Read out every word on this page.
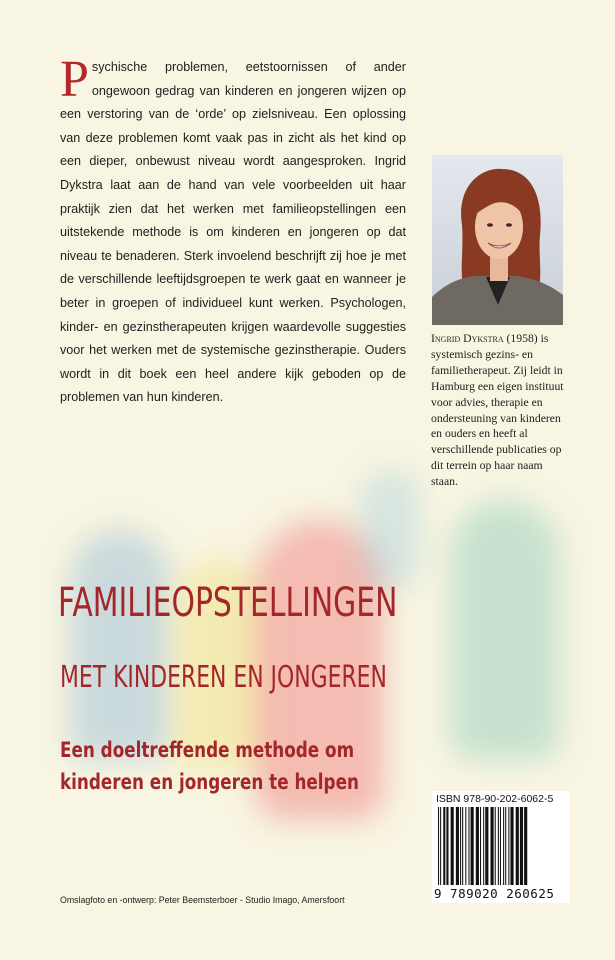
Psychische problemen, eetstoornissen of ander ongewoon gedrag van kinderen en jongeren wijzen op een verstoring van de ‘orde’ op zielsniveau. Een oplossing van deze problemen komt vaak pas in zicht als het kind op een dieper, onbewust niveau wordt aangesproken. Ingrid Dykstra laat aan de hand van vele voorbeelden uit haar praktijk zien dat het werken met familieopstellingen een uitstekende methode is om kinderen en jongeren op dat niveau te benaderen. Sterk invoelend beschrijft zij hoe je met de verschillende leeftijdsgroepen te werk gaat en wanneer je beter in groepen of individueel kunt werken. Psychologen, kinder- en gezinstherapeuten krijgen waardevolle suggesties voor het werken met de systemische gezinstherapie. Ouders wordt in dit boek een heel andere kijk geboden op de problemen van hun kinderen.

Ingrid Dykstra (1958) is systemisch gezins- en familietherapeut. Zij leidt in Hamburg een eigen instituut voor advies, therapie en ondersteuning van kinderen en ouders en heeft al verschillende publicaties op dit terrein op haar naam staan.

FAMILIEOPSTELLINGEN
MET KINDEREN EN JONGEREN

Een doeltreffende methode om
kinderen en jongeren te helpen

ISBN 978-90-202-6062-5
9 789020 260625
Omslagfoto en -ontwerp: Peter Beemsterboer - Studio Imago, Amersfoort
